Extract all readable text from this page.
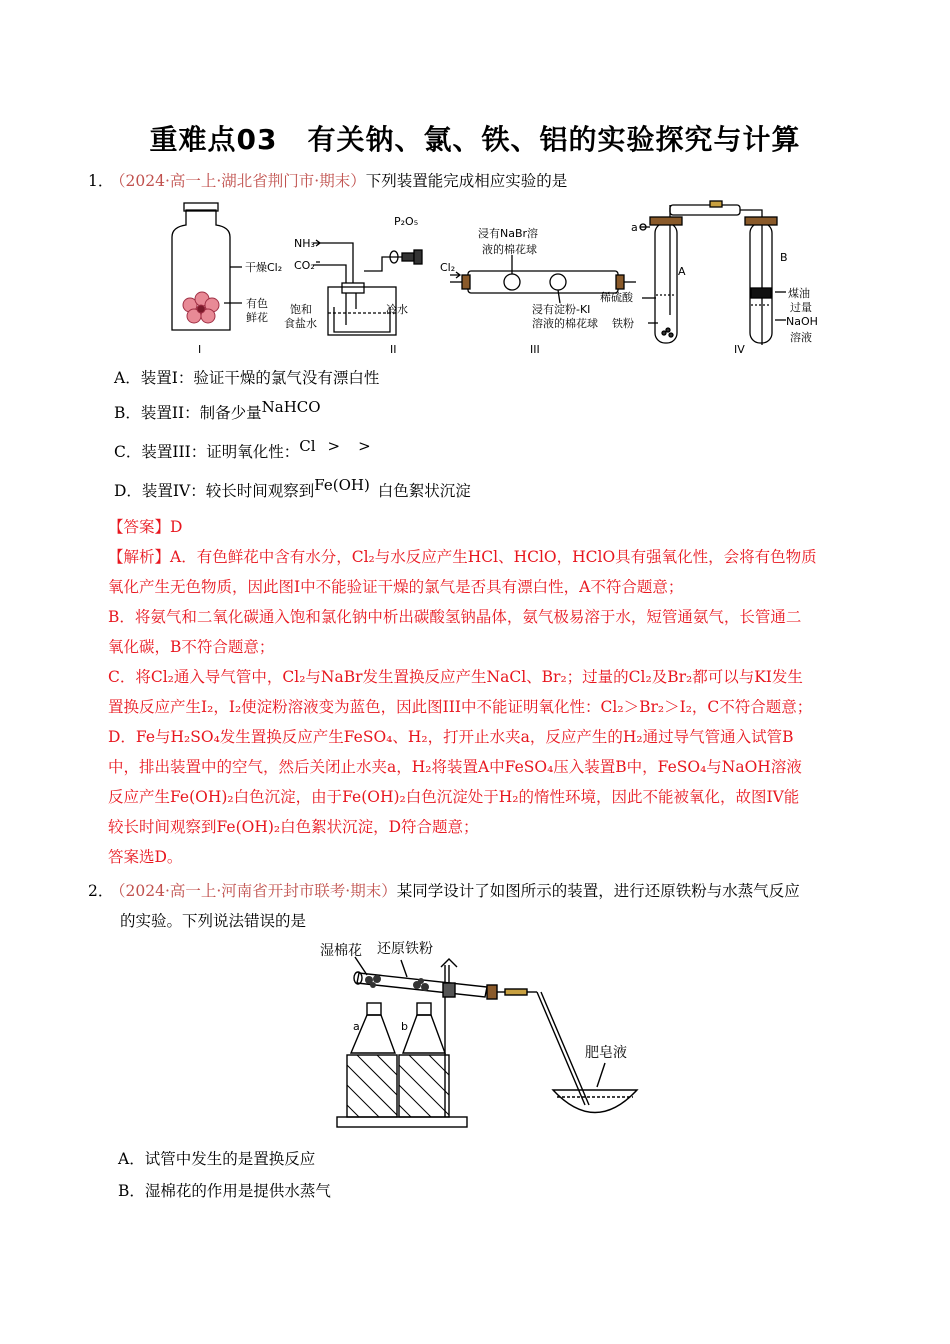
重难点03 有关钠、氯、铁、铝的实验探究与计算
1．
（2024·高一上·湖北省荆门市·期末）下列装置能完成相应实验的是
干燥Cl₂
有色
鲜花
I
NH₃
CO₂
P₂O₅
饱和
食盐水
冷水
II
Cl₂
浸有NaBr溶
液的棉花球
浸有淀粉-KI
溶液的棉花球
III
a
A
B
稀硫酸
铁粉
煤油
过量
NaOH
溶液
IV
A．装置I：验证干燥的氯气没有漂白性
B．装置II：制备少量NaHCO
C．装置III：证明氧化性：Cl > >
D．装置IV：较长时间观察到Fe(OH) 白色絮状沉淀
【答案】D
【解析】A．有色鲜花中含有水分，Cl₂与水反应产生HCl、HClO，HClO具有强氧化性，会将有色物质
氧化产生无色物质，因此图I中不能验证干燥的氯气是否具有漂白性，A不符合题意；
B．将氨气和二氧化碳通入饱和氯化钠中析出碳酸氢钠晶体，氨气极易溶于水，短管通氨气，长管通二
氧化碳，B不符合题意；
C．将Cl₂通入导气管中，Cl₂与NaBr发生置换反应产生NaCl、Br₂；过量的Cl₂及Br₂都可以与KI发生
置换反应产生I₂，I₂使淀粉溶液变为蓝色，因此图III中不能证明氧化性：Cl₂＞Br₂＞I₂，C不符合题意；
D．Fe与H₂SO₄发生置换反应产生FeSO₄、H₂，打开止水夹a，反应产生的H₂通过导气管通入试管B
中，排出装置中的空气，然后关闭止水夹a，H₂将装置A中FeSO₄压入装置B中，FeSO₄与NaOH溶液
反应产生Fe(OH)₂白色沉淀，由于Fe(OH)₂白色沉淀处于H₂的惰性环境，因此不能被氧化，故图IV能
较长时间观察到Fe(OH)₂白色絮状沉淀，D符合题意；
答案选D。
2．
（2024·高一上·河南省开封市联考·期末）某同学设计了如图所示的装置，进行还原铁粉与水蒸气反应
的实验。下列说法错误的是
湿棉花 还原铁粉
肥皂液
a	b
A．试管中发生的是置换反应
B．湿棉花的作用是提供水蒸气
